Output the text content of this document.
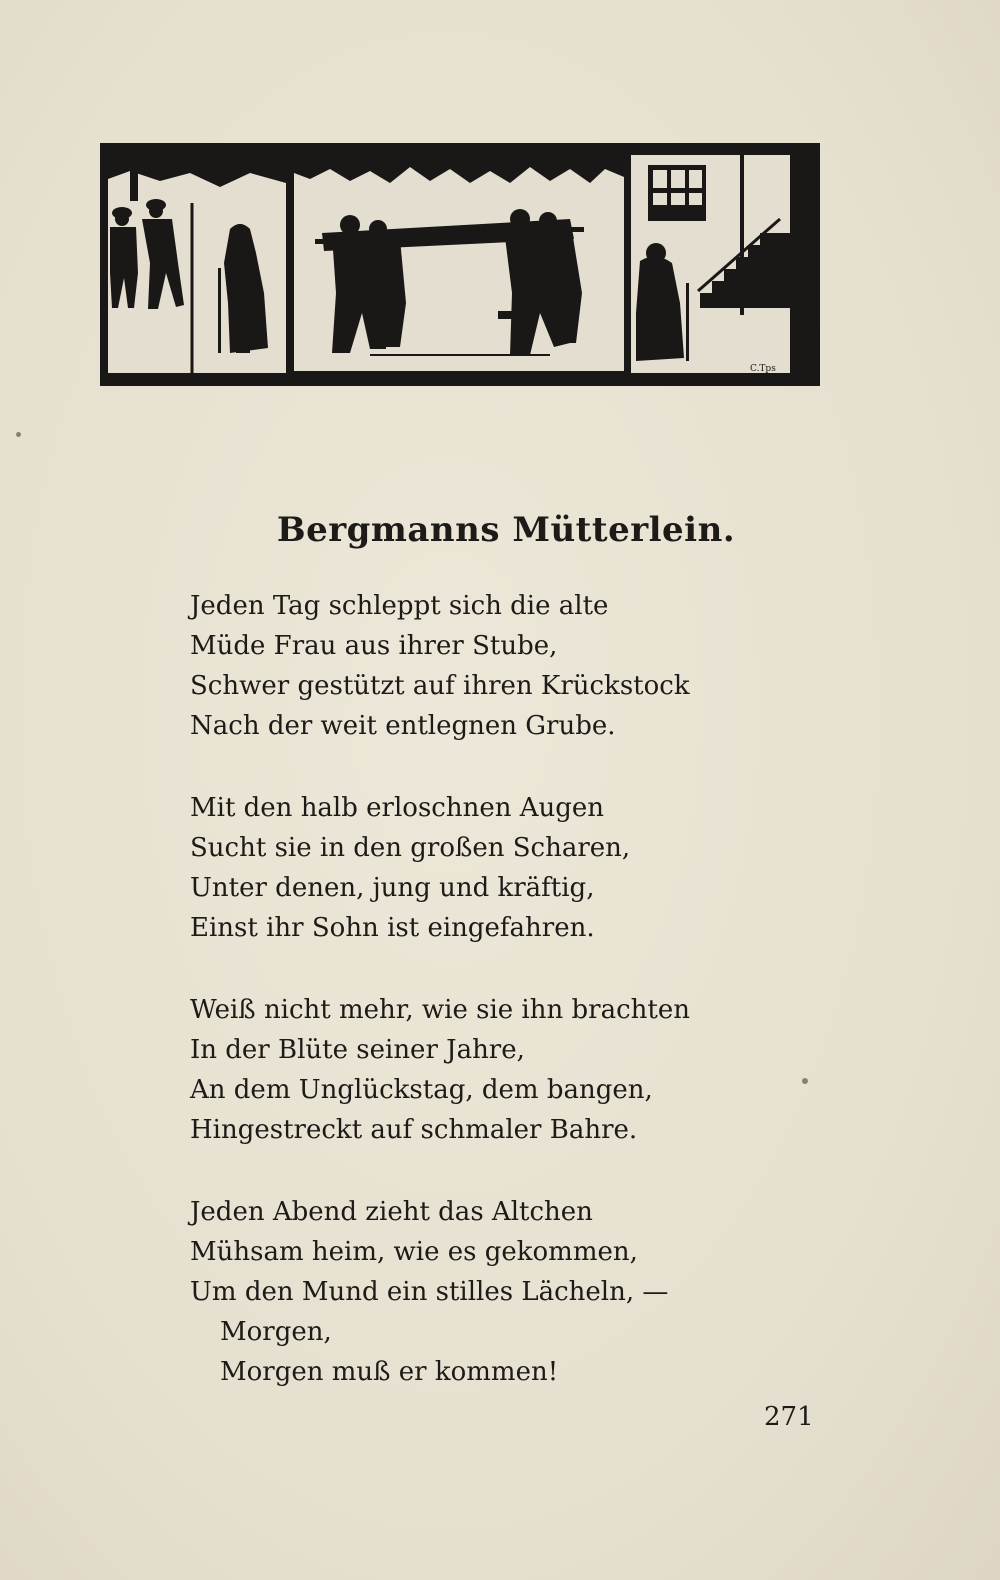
C.Tps
Bergmanns Mütterlein.
Jeden Tag schleppt sich die alte
Müde Frau aus ihrer Stube,
Schwer gestützt auf ihren Krückstock
Nach der weit entlegnen Grube.
Mit den halb erloschnen Augen
Sucht sie in den großen Scharen,
Unter denen, jung und kräftig,
Einst ihr Sohn ist eingefahren.
Weiß nicht mehr, wie sie ihn brachten
In der Blüte seiner Jahre,
An dem Unglückstag, dem bangen,
Hingestreckt auf schmaler Bahre.
Jeden Abend zieht das Altchen
Mühsam heim, wie es gekommen,
Um den Mund ein stilles Lächeln, —
Morgen,
Morgen muß er kommen!
271
